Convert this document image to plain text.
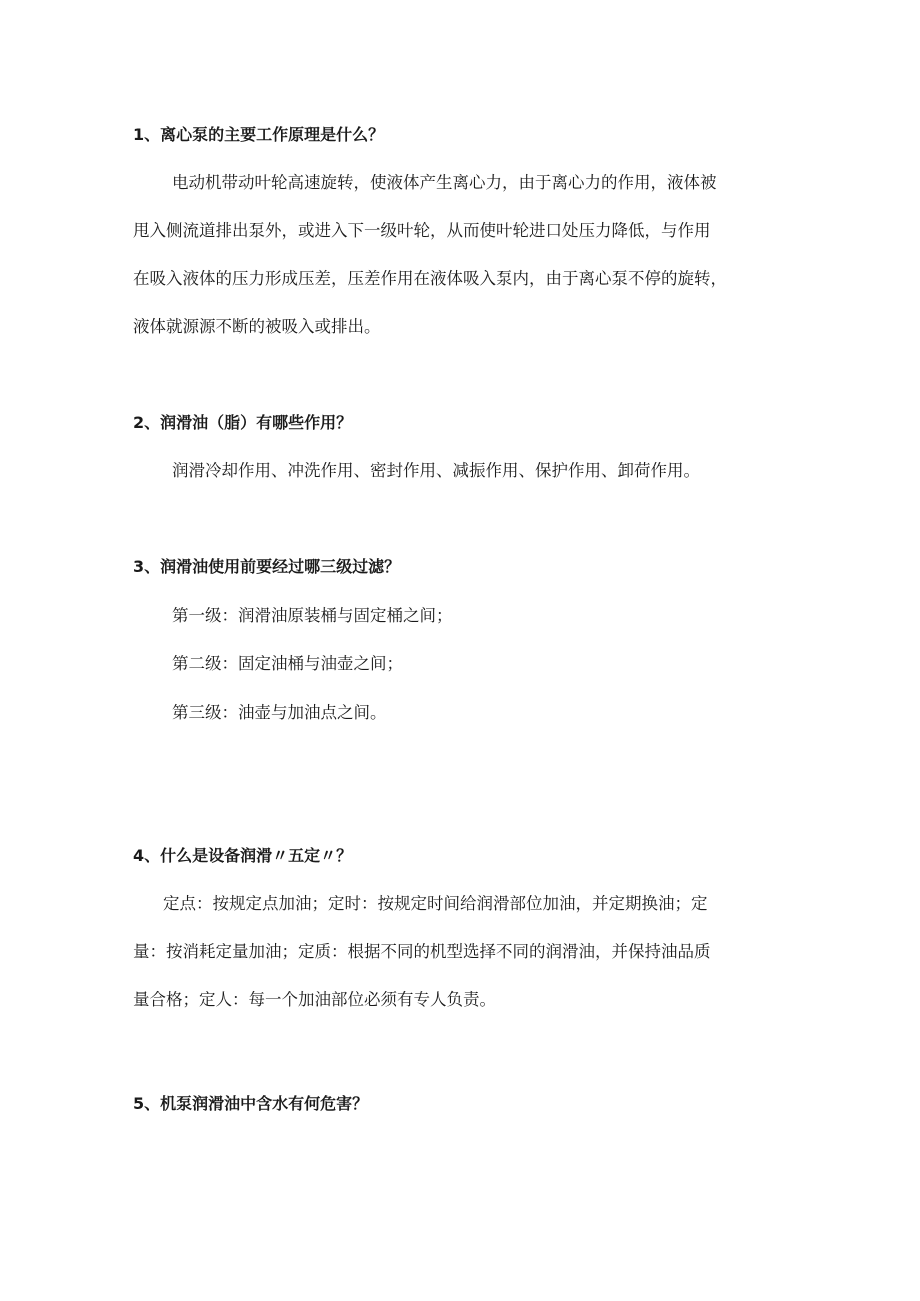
1、离心泵的主要工作原理是什么？
电动机带动叶轮高速旋转，使液体产生离心力，由于离心力的作用，液体被
甩入侧流道排出泵外，或进入下一级叶轮，从而使叶轮进口处压力降低，与作用
在吸入液体的压力形成压差，压差作用在液体吸入泵内，由于离心泵不停的旋转，
液体就源源不断的被吸入或排出。
2、润滑油（脂）有哪些作用？
润滑冷却作用、冲洗作用、密封作用、减振作用、保护作用、卸荷作用。
3、润滑油使用前要经过哪三级过滤？
第一级：润滑油原装桶与固定桶之间；
第二级：固定油桶与油壶之间；
第三级：油壶与加油点之间。
4、什么是设备润滑〃五定〃？
定点：按规定点加油；定时：按规定时间给润滑部位加油，并定期换油；定
量：按消耗定量加油；定质：根据不同的机型选择不同的润滑油，并保持油品质
量合格；定人：每一个加油部位必须有专人负责。
5、机泵润滑油中含水有何危害？
